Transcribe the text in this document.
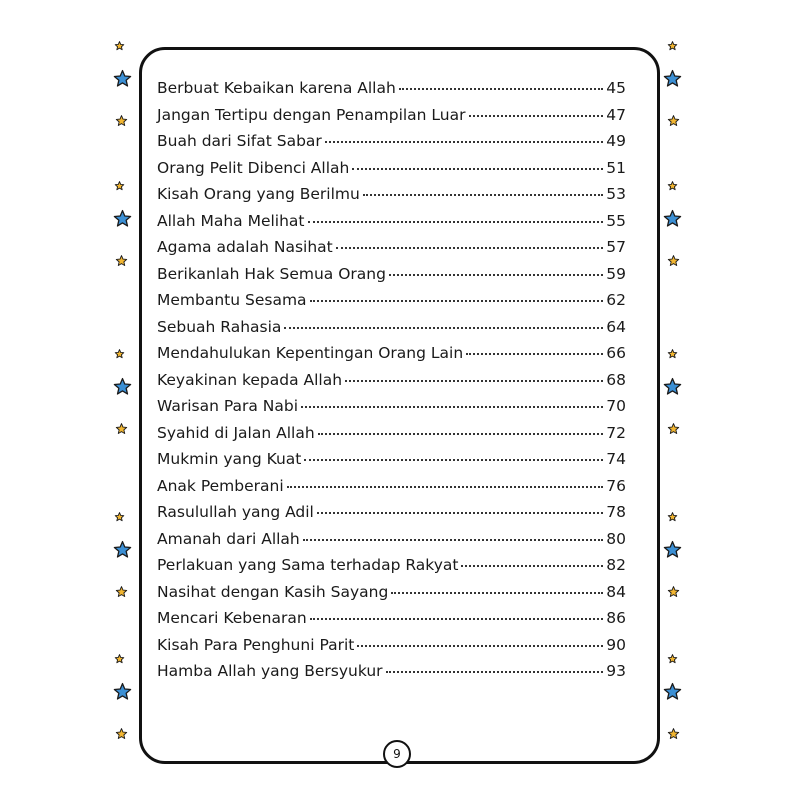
Berbuat Kebaikan karena Allah	45
Jangan Tertipu dengan Penampilan Luar	47
Buah dari Sifat Sabar	49
Orang Pelit Dibenci Allah	51
Kisah Orang yang Berilmu	53
Allah Maha Melihat	55
Agama adalah Nasihat	57
Berikanlah Hak Semua Orang	59
Membantu Sesama	62
Sebuah Rahasia	64
Mendahulukan Kepentingan Orang Lain	66
Keyakinan kepada Allah	68
Warisan Para Nabi	70
Syahid di Jalan Allah	72
Mukmin yang Kuat	74
Anak Pemberani	76
Rasulullah yang Adil	78
Amanah dari Allah	80
Perlakuan yang Sama terhadap Rakyat	82
Nasihat dengan Kasih Sayang	84
Mencari Kebenaran	86
Kisah Para Penghuni Parit	90
Hamba Allah yang Bersyukur	93
9
